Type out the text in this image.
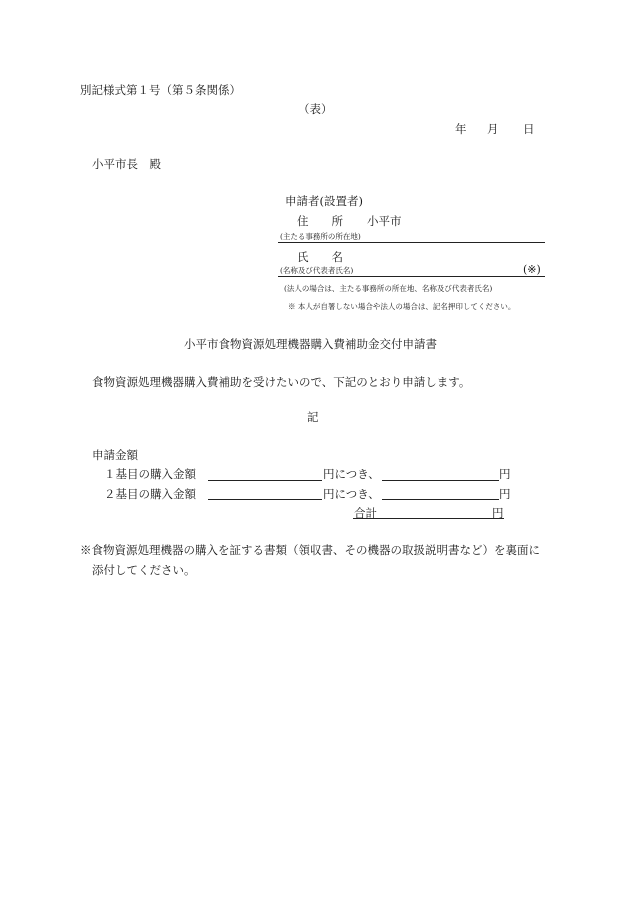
別記様式第１号（第５条関係）
（表）
年 月 日
小平市長　殿
申請者(設置者)
住　　所 小平市
(主たる事務所の所在地)
氏　　名
(名称及び代表者氏名)	(※)
(法人の場合は、主たる事務所の所在地、名称及び代表者氏名)
※ 本人が自署しない場合や法人の場合は、記名押印してください。
小平市食物資源処理機器購入費補助金交付申請書
食物資源処理機器購入費補助を受けたいので、下記のとおり申請します。
記
申請金額
１基目の購入金額	円につき、	円
２基目の購入金額	円につき、	円
合計	円
※食物資源処理機器の購入を証する書類（領収書、その機器の取扱説明書など）を裏面に
添付してください。
